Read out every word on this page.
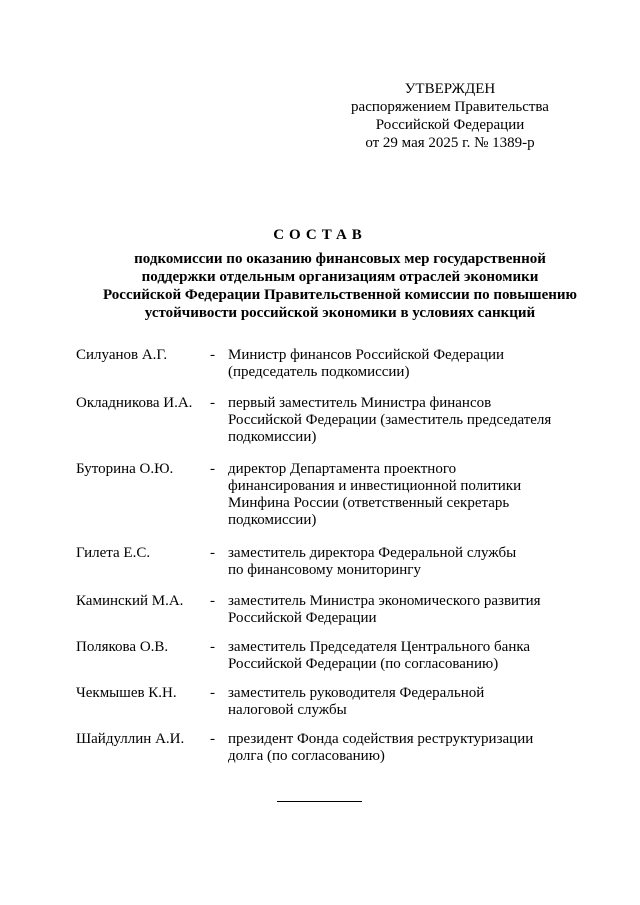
УТВЕРЖДЕН
распоряжением Правительства
Российской Федерации
от 29 мая 2025 г. № 1389-р
СОСТАВ
подкомиссии по оказанию финансовых мер государственной
поддержки отдельным организациям отраслей экономики
Российской Федерации Правительственной комиссии по повышению
устойчивости российской экономики в условиях санкций
Силуанов А.Г.	- Министр финансов Российской Федерации
(председатель подкомиссии)
Окладникова И.А. - первый заместитель Министра финансов
Российской Федерации (заместитель председателя
подкомиссии)
Буторина О.Ю. - директор Департамента проектного
финансирования и инвестиционной политики
Минфина России (ответственный секретарь
подкомиссии)
Гилета Е.С.	- заместитель директора Федеральной службы
по финансовому мониторингу
Каминский М.А. - заместитель Министра экономического развития
Российской Федерации
Полякова О.В.	- заместитель Председателя Центрального банка
Российской Федерации (по согласованию)
Чекмышев К.Н. - заместитель руководителя Федеральной
налоговой службы
Шайдуллин А.И. - президент Фонда содействия реструктуризации
долга (по согласованию)
